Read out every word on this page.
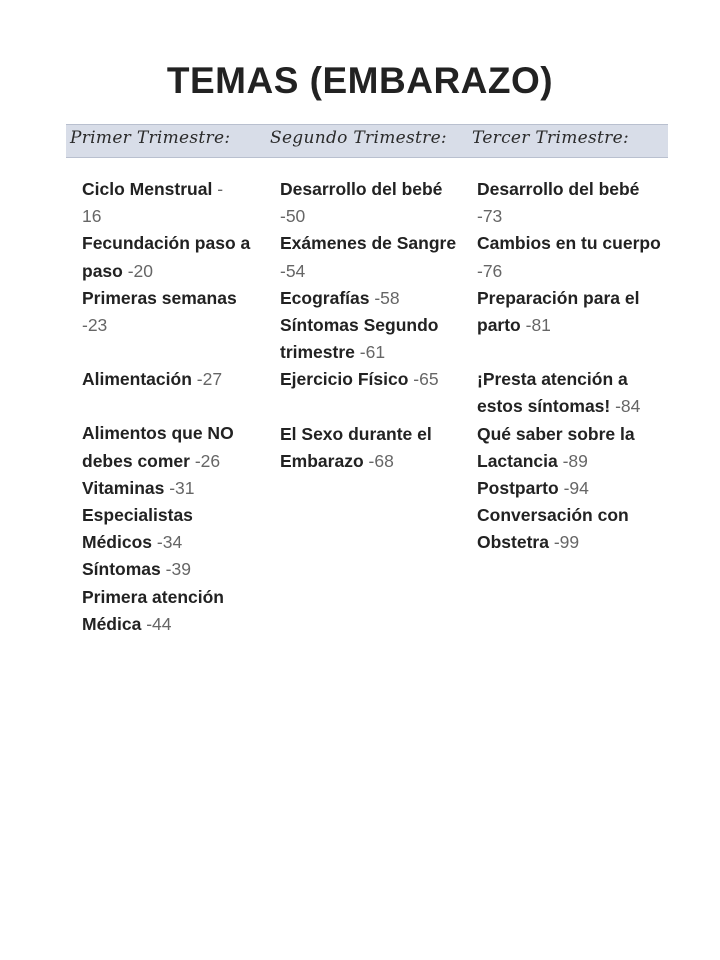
TEMAS (EMBARAZO)
Primer Trimestre: Segundo Trimestre: Tercer Trimestre:
Ciclo Menstrual -
16
Fecundación paso a paso -20
Primeras semanas -23
Alimentación -27
Alimentos que NO debes comer -26
Vitaminas -31
Especialistas Médicos -34
Síntomas -39
Primera atención Médica -44
Desarrollo del bebé -50
Exámenes de Sangre -54
Ecografías -58
Síntomas Segundo trimestre -61
Ejercicio Físico -65
El Sexo durante el Embarazo -68
Desarrollo del bebé -73
Cambios en tu cuerpo -76
Preparación para el parto -81
¡Presta atención a estos síntomas! -84
Qué saber sobre la Lactancia -89
Postparto -94
Conversación con Obstetra -99
